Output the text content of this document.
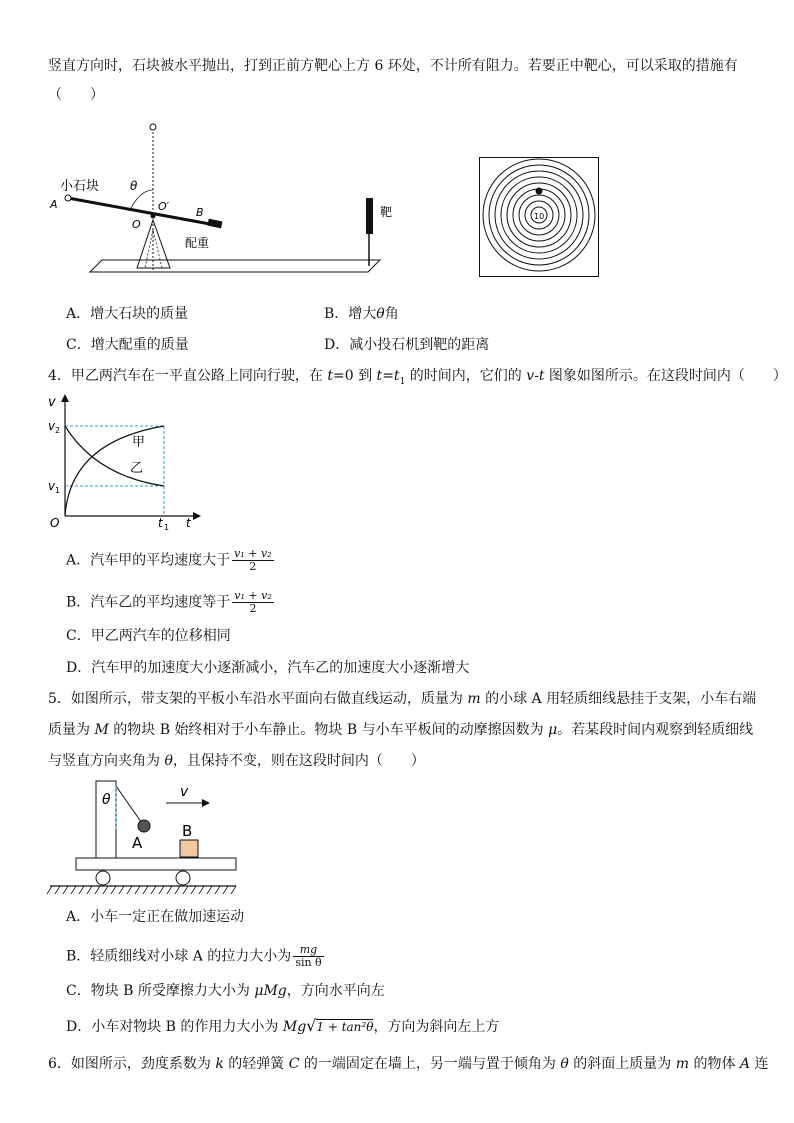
竖直方向时，石块被水平抛出，打到正前方靶心上方 6 环处，不计所有阻力。若要正中靶心，可以采取的措施有
（　　）
小石块
A
B
O
O′
θ
配重
靶	10
A．增大石块的质量	B．增大θ角
C．增大配重的质量	D．减小投石机到靶的距离
4．甲乙两汽车在一平直公路上同向行驶，在 t=0 到 $t=t_1$ 的时间内，它们的 v-t 图象如图所示。在这段时间内（　　）
v
v 2
v 1
O	t 1 t
甲
乙
A．汽车甲的平均速度大于 $\frac{\text{v₁ + v₂}}{2}$
B．汽车乙的平均速度等于 $\frac{\text{v₁ + v₂}}{2}$
C．甲乙两汽车的位移相同
D．汽车甲的加速度大小逐渐减小，汽车乙的加速度大小逐渐增大
5．如图所示，带支架的平板小车沿水平面向右做直线运动，质量为 m 的小球 A 用轻质细线悬挂于支架，小车右端
质量为 M 的物块 B 始终相对于小车静止。物块 B 与小车平板间的动摩擦因数为 μ。若某段时间内观察到轻质细线
与竖直方向夹角为 θ，且保持不变，则在这段时间内（　　）
θ	v
A
B
A．小车一定正在做加速运动
B．轻质细线对小球 A 的拉力大小为 $\frac{mg}{\text{sin θ}}$
C．物块 B 所受摩擦力大小为 μMg，方向水平向左
D．小车对物块 B 的作用力大小为 Mg√1 + tan²θ，方向为斜向左上方
6．如图所示，劲度系数为 k 的轻弹簧 C 的一端固定在墙上，另一端与置于倾角为 θ 的斜面上质量为 m 的物体 A 连
